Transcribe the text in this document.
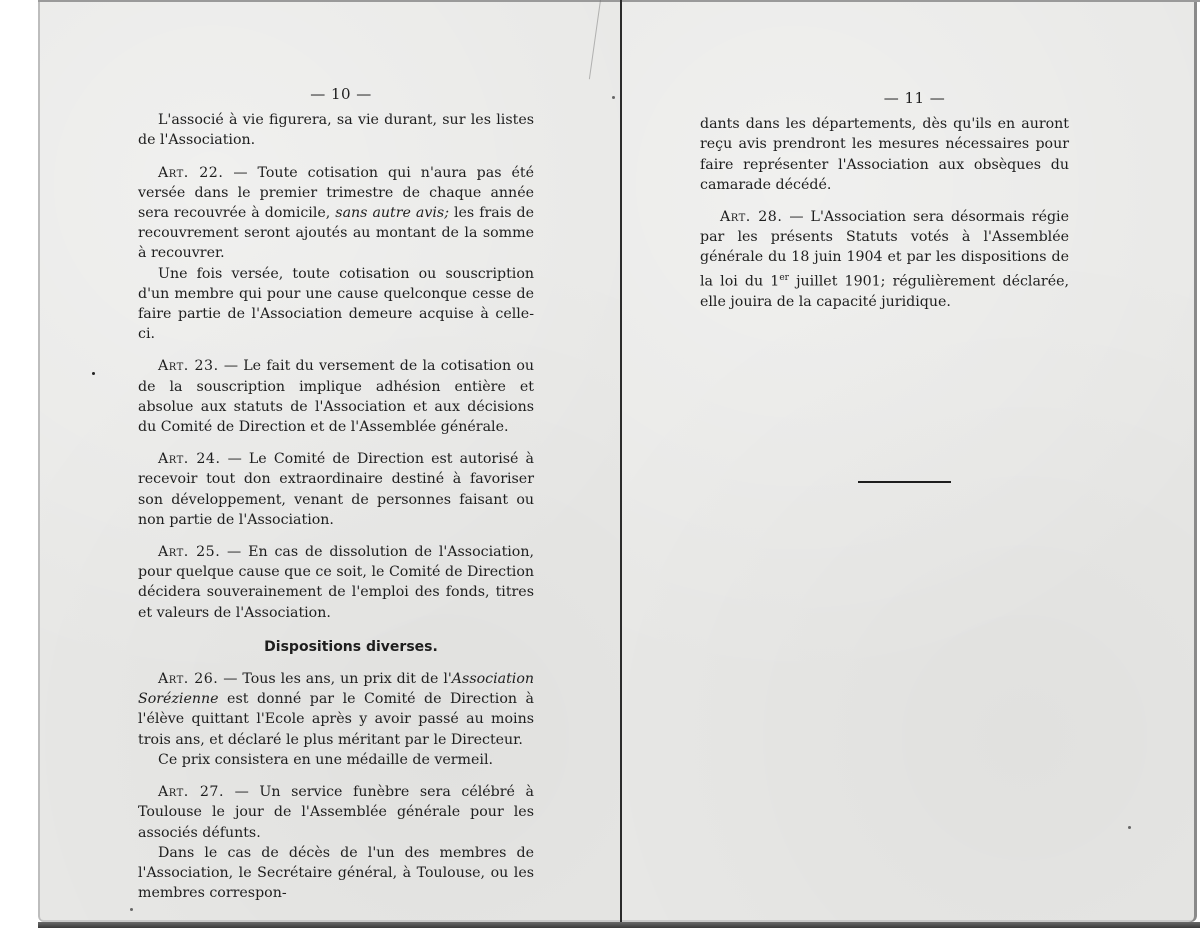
— 10 —

L'associé à vie figurera, sa vie durant, sur les listes de l'Association.

Art. 22. — Toute cotisation qui n'aura pas été versée dans le premier trimestre de chaque année sera recouvrée à domicile, sans autre avis; les frais de recouvrement seront ajoutés au montant de la somme à recouvrer.

Une fois versée, toute cotisation ou souscription d'un membre qui pour une cause quelconque cesse de faire partie de l'Association demeure acquise à celle-ci.

Art. 23. — Le fait du versement de la cotisation ou de la souscription implique adhésion entière et absolue aux statuts de l'Association et aux décisions du Comité de Direction et de l'Assemblée générale.

Art. 24. — Le Comité de Direction est autorisé à recevoir tout don extraordinaire destiné à favoriser son développement, venant de personnes faisant ou non partie de l'Association.

Art. 25. — En cas de dissolution de l'Association, pour quelque cause que ce soit, le Comité de Direction décidera souverainement de l'emploi des fonds, titres et valeurs de l'Association.

Dispositions diverses.

Art. 26. — Tous les ans, un prix dit de l'Association Sorézienne est donné par le Comité de Direction à l'élève quittant l'Ecole après y avoir passé au moins trois ans, et déclaré le plus méritant par le Directeur.

Ce prix consistera en une médaille de vermeil.

Art. 27. — Un service funèbre sera célébré à Toulouse le jour de l'Assemblée générale pour les associés défunts.

Dans le cas de décès de l'un des membres de l'Association, le Secrétaire général, à Toulouse, ou les membres correspon-

— 11 —

dants dans les départements, dès qu'ils en auront reçu avis prendront les mesures nécessaires pour faire représenter l'Association aux obsèques du camarade décédé.

Art. 28. — L'Association sera désormais régie par les présents Statuts votés à l'Assemblée générale du 18 juin 1904 et par les dispositions de la loi du 1er juillet 1901; régulièrement déclarée, elle jouira de la capacité juridique.
